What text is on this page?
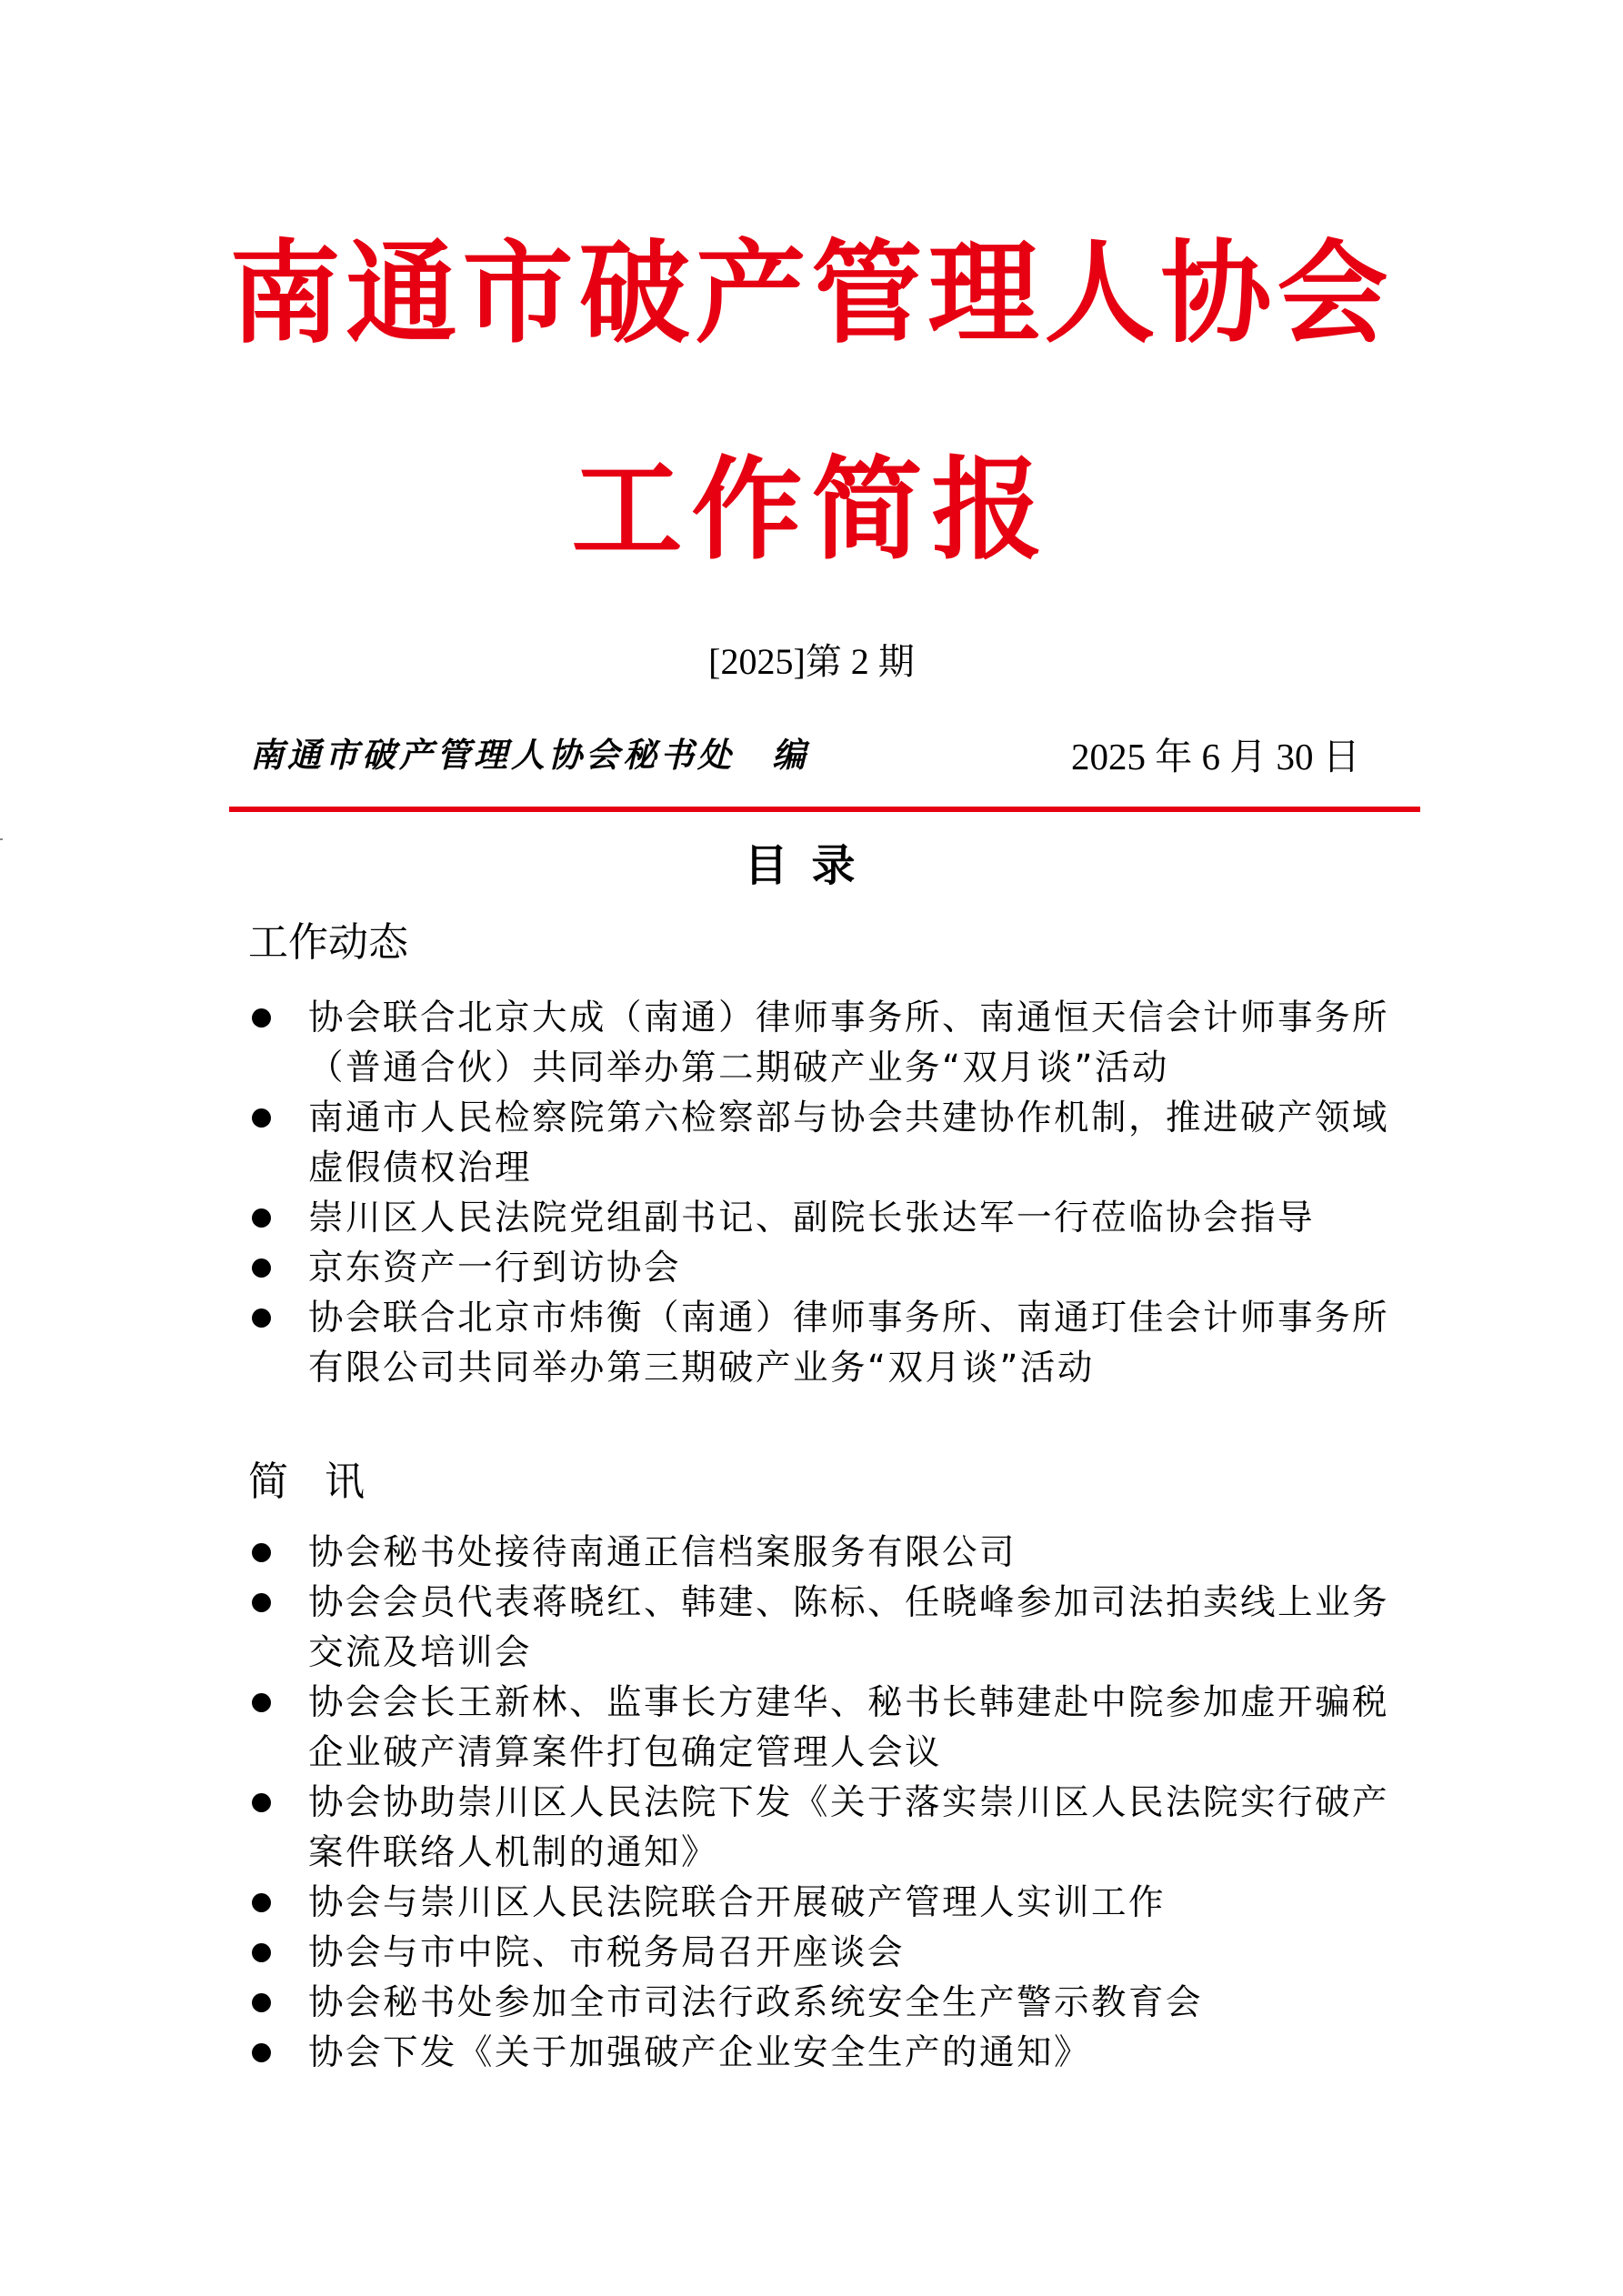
南通市破产管理人协会
工作简报
[2025]第 2 期
南通市破产管理人协会秘书处　编	2025 年 6 月 30 日
目录
工作动态
协会联合北京大成（南通）律师事务所、南通恒天信会计师事务所（普通合伙）共同举办第二期破产业务“双月谈”活动
南通市人民检察院第六检察部与协会共建协作机制，推进破产领域虚假债权治理
崇川区人民法院党组副书记、副院长张达军一行莅临协会指导
京东资产一行到访协会
协会联合北京市炜衡（南通）律师事务所、南通玎佳会计师事务所有限公司共同举办第三期破产业务“双月谈”活动
简讯
协会秘书处接待南通正信档案服务有限公司
协会会员代表蒋晓红、韩建、陈标、任晓峰参加司法拍卖线上业务交流及培训会
协会会长王新林、监事长方建华、秘书长韩建赴中院参加虚开骗税企业破产清算案件打包确定管理人会议
协会协助崇川区人民法院下发《关于落实崇川区人民法院实行破产案件联络人机制的通知》
协会与崇川区人民法院联合开展破产管理人实训工作
协会与市中院、市税务局召开座谈会
协会秘书处参加全市司法行政系统安全生产警示教育会
协会下发《关于加强破产企业安全生产的通知》
